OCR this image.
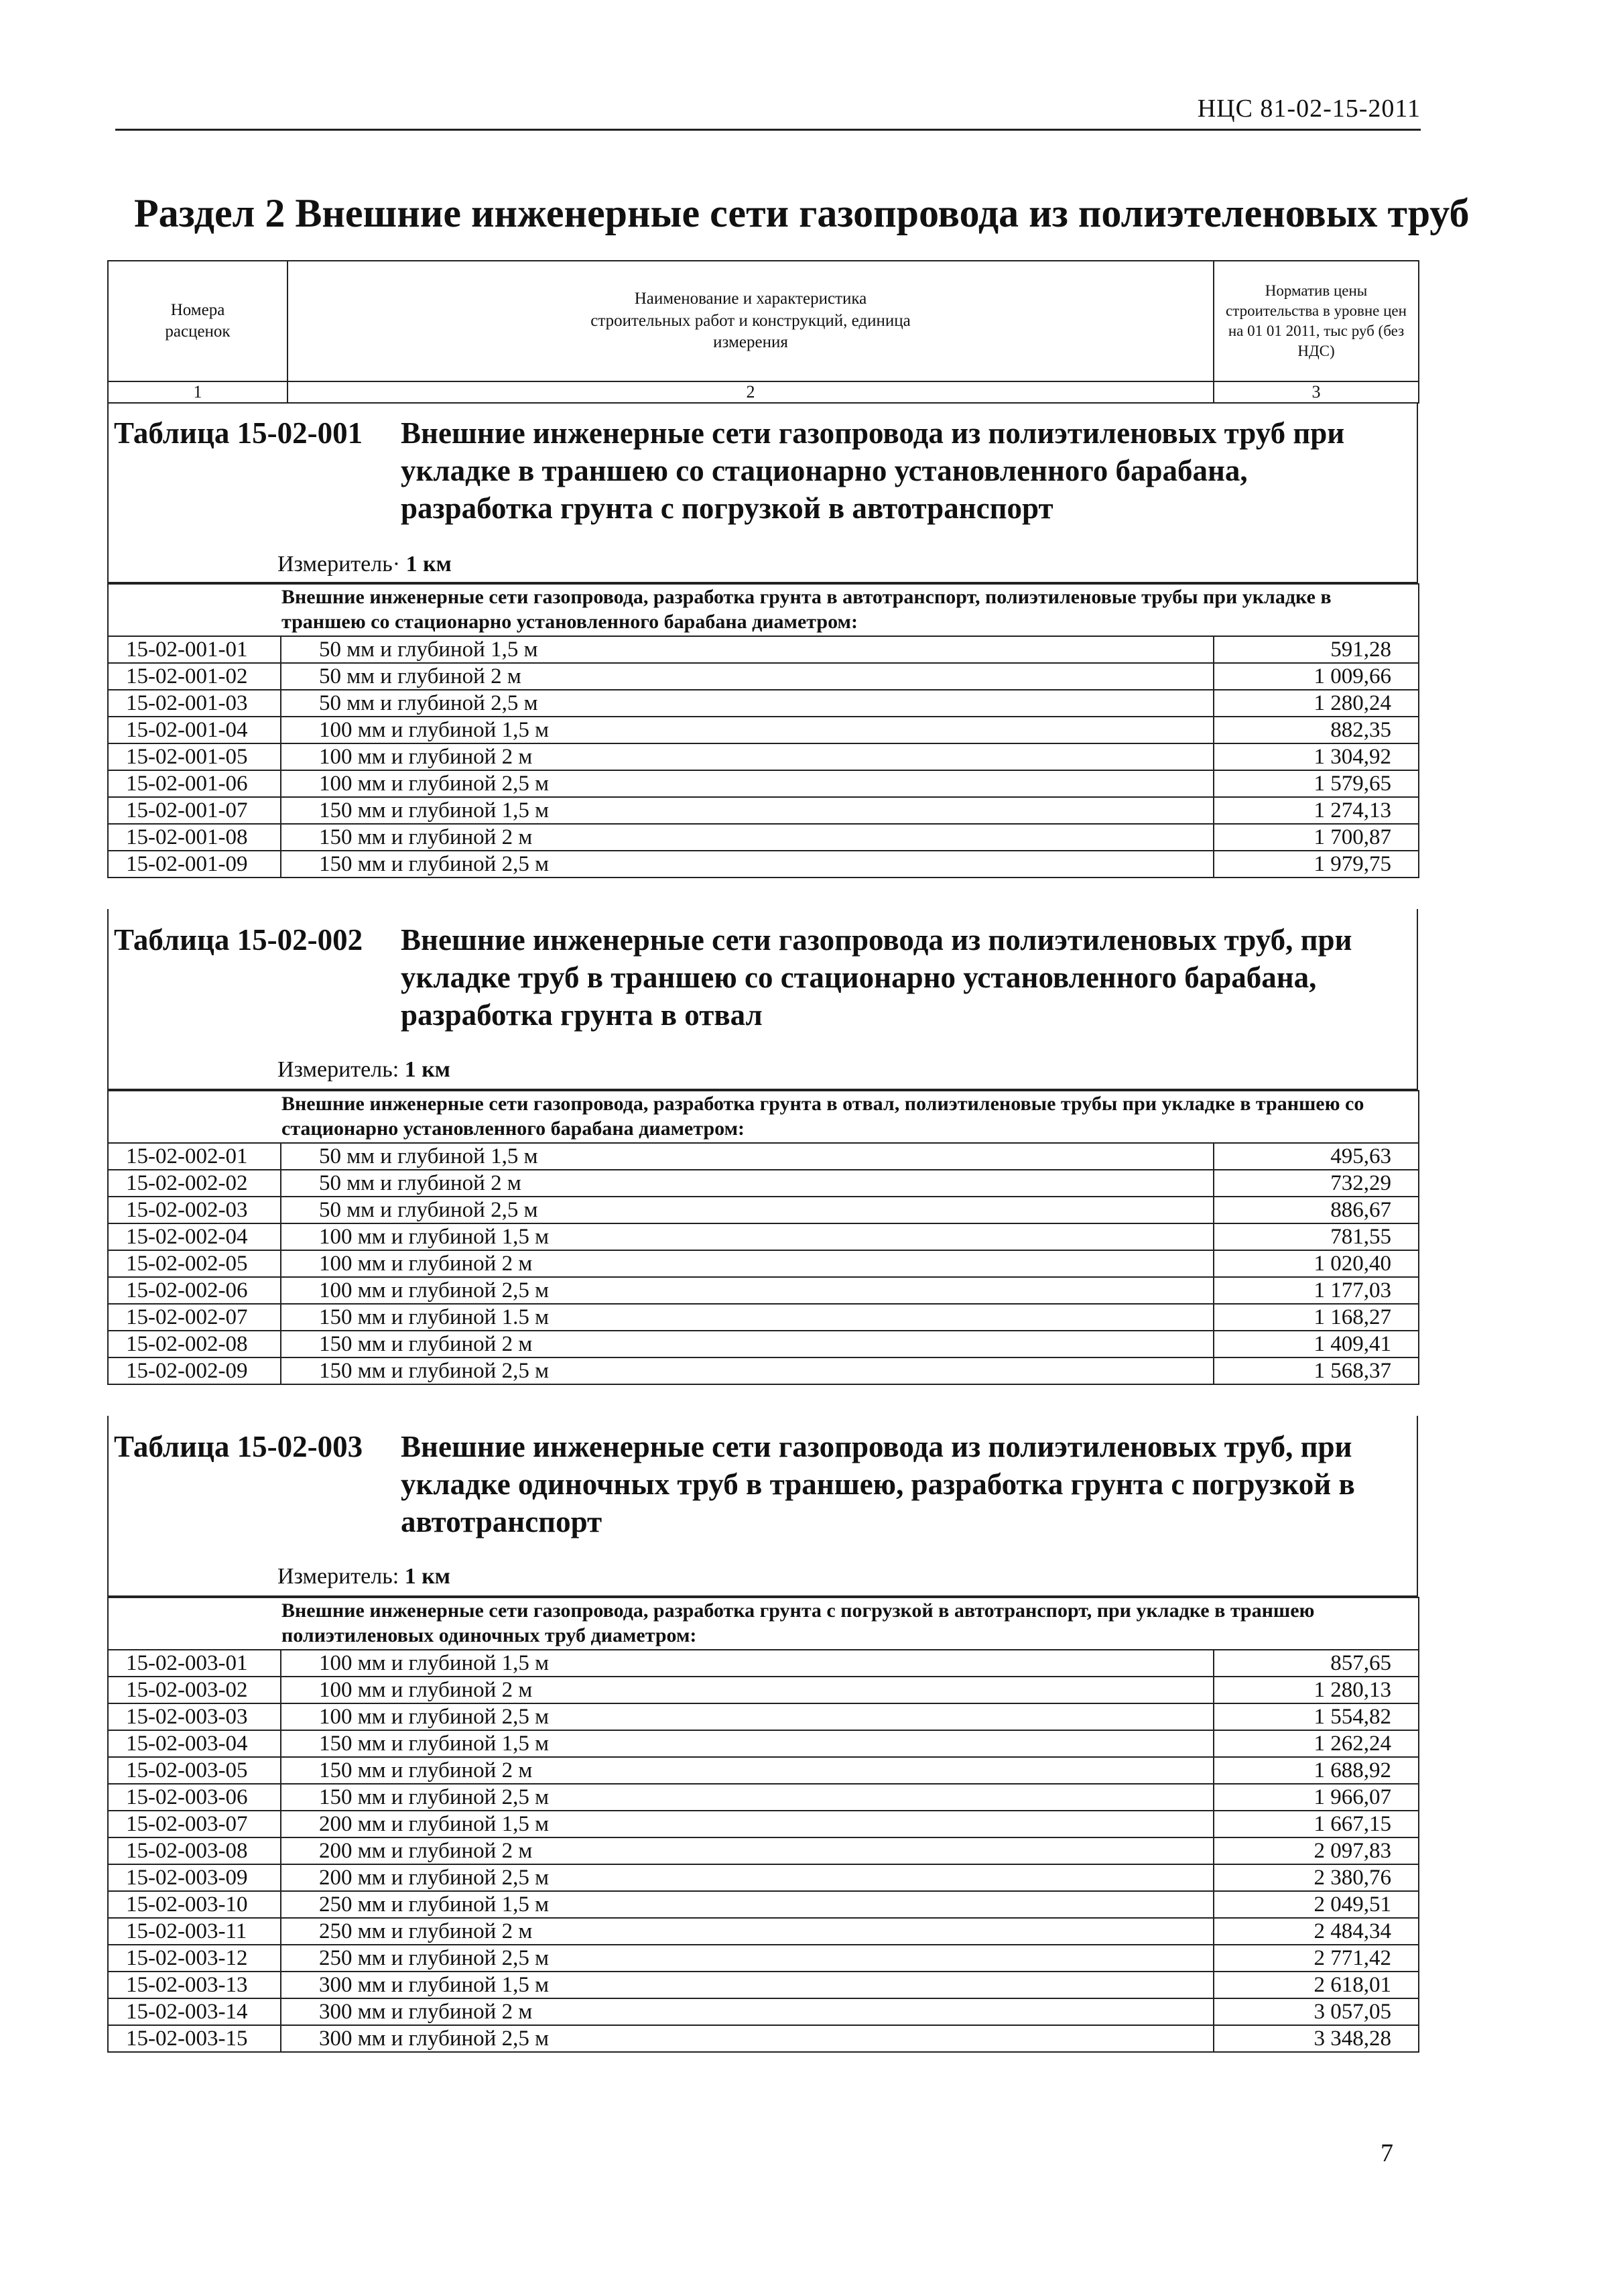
НЦС 81-02-15-2011
Раздел 2 Внешние инженерные сети газопровода из полиэтеленовых труб
Номера расценок	Наименование и характеристика строительных работ и конструкций, единица измерения	Норматив цены строительства в уровне цен на 01 01 2011, тыс руб (без НДС)
1	2	3
Таблица 15-02-001 Внешние инженерные сети газопровода из полиэтиленовых труб при укладке в траншею со стационарно установленного барабана, разработка грунта с погрузкой в автотранспорт
Измеритель· 1 км
Внешние инженерные сети газопровода, разработка грунта в автотранспорт, полиэтиленовые трубы при укладке в траншею со стационарно установленного барабана диаметром:		
15-02-001-01	50 мм и глубиной 1,5 м	591,28
15-02-001-02	50 мм и глубиной 2 м	1 009,66
15-02-001-03	50 мм и глубиной 2,5 м	1 280,24
15-02-001-04	100 мм и глубиной 1,5 м	882,35
15-02-001-05	100 мм и глубиной 2 м	1 304,92
15-02-001-06	100 мм и глубиной 2,5 м	1 579,65
15-02-001-07	150 мм и глубиной 1,5 м	1 274,13
15-02-001-08	150 мм и глубиной 2 м	1 700,87
15-02-001-09	150 мм и глубиной 2,5 м	1 979,75
Таблица 15-02-002 Внешние инженерные сети газопровода из полиэтиленовых труб, при укладке труб в траншею со стационарно установленного барабана, разработка грунта в отвал
Измеритель: 1 км
Внешние инженерные сети газопровода, разработка грунта в отвал, полиэтиленовые трубы при укладке в траншею со стационарно установленного барабана диаметром:		
15-02-002-01	50 мм и глубиной 1,5 м	495,63
15-02-002-02	50 мм и глубиной 2 м	732,29
15-02-002-03	50 мм и глубиной 2,5 м	886,67
15-02-002-04	100 мм и глубиной 1,5 м	781,55
15-02-002-05	100 мм и глубиной 2 м	1 020,40
15-02-002-06	100 мм и глубиной 2,5 м	1 177,03
15-02-002-07	150 мм и глубиной 1.5 м	1 168,27
15-02-002-08	150 мм и глубиной 2 м	1 409,41
15-02-002-09	150 мм и глубиной 2,5 м	1 568,37
Таблица 15-02-003 Внешние инженерные сети газопровода из полиэтиленовых труб, при укладке одиночных труб в траншею, разработка грунта с погрузкой в автотранспорт
Измеритель: 1 км
Внешние инженерные сети газопровода, разработка грунта с погрузкой в автотранспорт, при укладке в траншею полиэтиленовых одиночных труб диаметром:		
15-02-003-01	100 мм и глубиной 1,5 м	857,65
15-02-003-02	100 мм и глубиной 2 м	1 280,13
15-02-003-03	100 мм и глубиной 2,5 м	1 554,82
15-02-003-04	150 мм и глубиной 1,5 м	1 262,24
15-02-003-05	150 мм и глубиной 2 м	1 688,92
15-02-003-06	150 мм и глубиной 2,5 м	1 966,07
15-02-003-07	200 мм и глубиной 1,5 м	1 667,15
15-02-003-08	200 мм и глубиной 2 м	2 097,83
15-02-003-09	200 мм и глубиной 2,5 м	2 380,76
15-02-003-10	250 мм и глубиной 1,5 м	2 049,51
15-02-003-11	250 мм и глубиной 2 м	2 484,34
15-02-003-12	250 мм и глубиной 2,5 м	2 771,42
15-02-003-13	300 мм и глубиной 1,5 м	2 618,01
15-02-003-14	300 мм и глубиной 2 м	3 057,05
15-02-003-15	300 мм и глубиной 2,5 м	3 348,28
7
